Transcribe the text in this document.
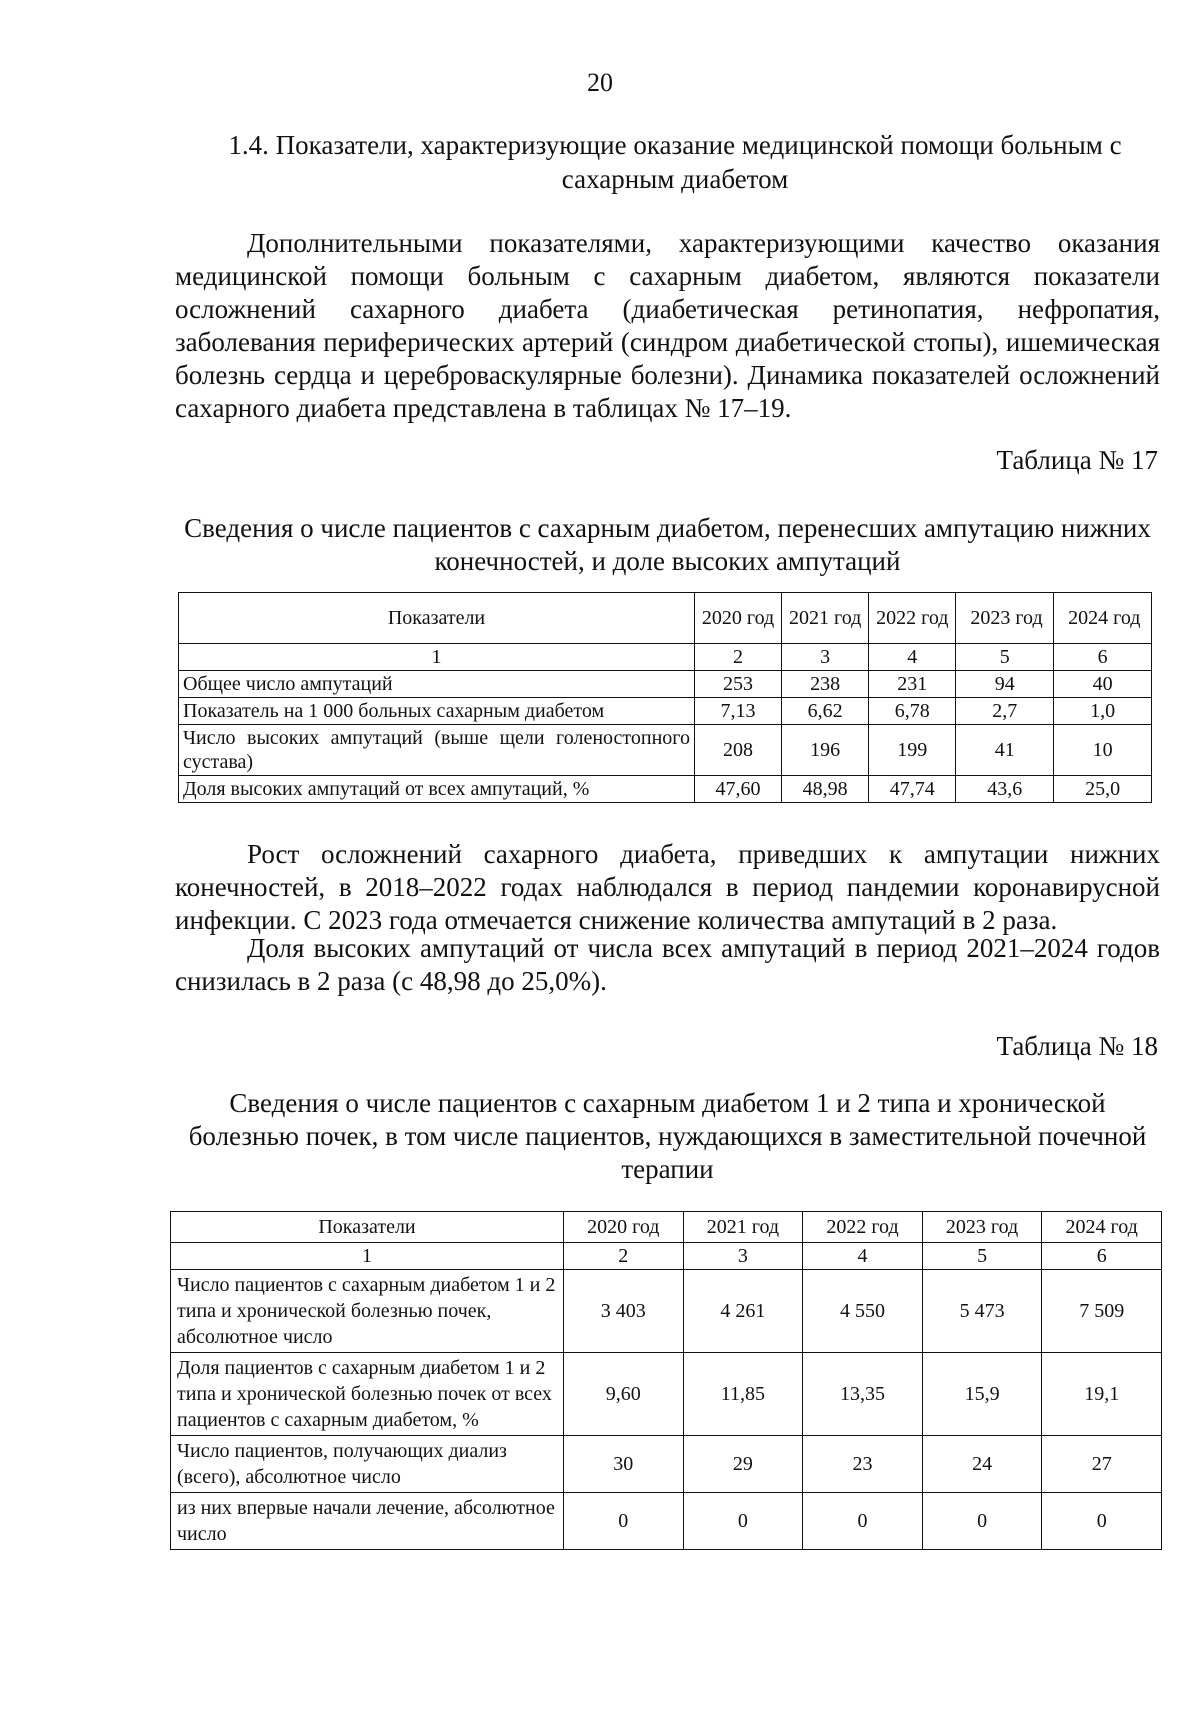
20
1.4. Показатели, характеризующие оказание медицинской помощи больным с сахарным диабетом
Дополнительными показателями, характеризующими качество оказания медицинской помощи больным с сахарным диабетом, являются показатели осложнений сахарного диабета (диабетическая ретинопатия, нефропатия, заболевания периферических артерий (синдром диабетической стопы), ишемическая болезнь сердца и цереброваскулярные болезни). Динамика показателей осложнений сахарного диабета представлена в таблицах № 17–19.
Таблица № 17
Сведения о числе пациентов с сахарным диабетом, перенесших ампутацию нижних конечностей, и доле высоких ампутаций
Показатели	2020 год	2021 год	2022 год	2023 год	2024 год
1	2	3	4	5	6
Общее число ампутаций	253	238	231	94	40
Показатель на 1 000 больных сахарным диабетом	7,13	6,62	6,78	2,7	1,0
Число высоких ампутаций (выше щели голеностопного сустава)	208	196	199	41	10
Доля высоких ампутаций от всех ампутаций, %	47,60	48,98	47,74	43,6	25,0
Рост осложнений сахарного диабета, приведших к ампутации нижних конечностей, в 2018–2022 годах наблюдался в период пандемии коронавирусной инфекции. С 2023 года отмечается снижение количества ампутаций в 2 раза.
Доля высоких ампутаций от числа всех ампутаций в период 2021–2024 годов снизилась в 2 раза (с 48,98 до 25,0%).
Таблица № 18
Сведения о числе пациентов с сахарным диабетом 1 и 2 типа и хронической болезнью почек, в том числе пациентов, нуждающихся в заместительной почечной терапии
Показатели	2020 год	2021 год	2022 год	2023 год	2024 год
1	2	3	4	5	6
Число пациентов с сахарным диабетом 1 и 2 типа и хронической болезнью почек, абсолютное число	3 403	4 261	4 550	5 473	7 509
Доля пациентов с сахарным диабетом 1 и 2 типа и хронической болезнью почек от всех пациентов с сахарным диабетом, %	9,60	11,85	13,35	15,9	19,1
Число пациентов, получающих диализ (всего), абсолютное число	30	29	23	24	27
из них впервые начали лечение, абсолютное число	0	0	0	0	0
